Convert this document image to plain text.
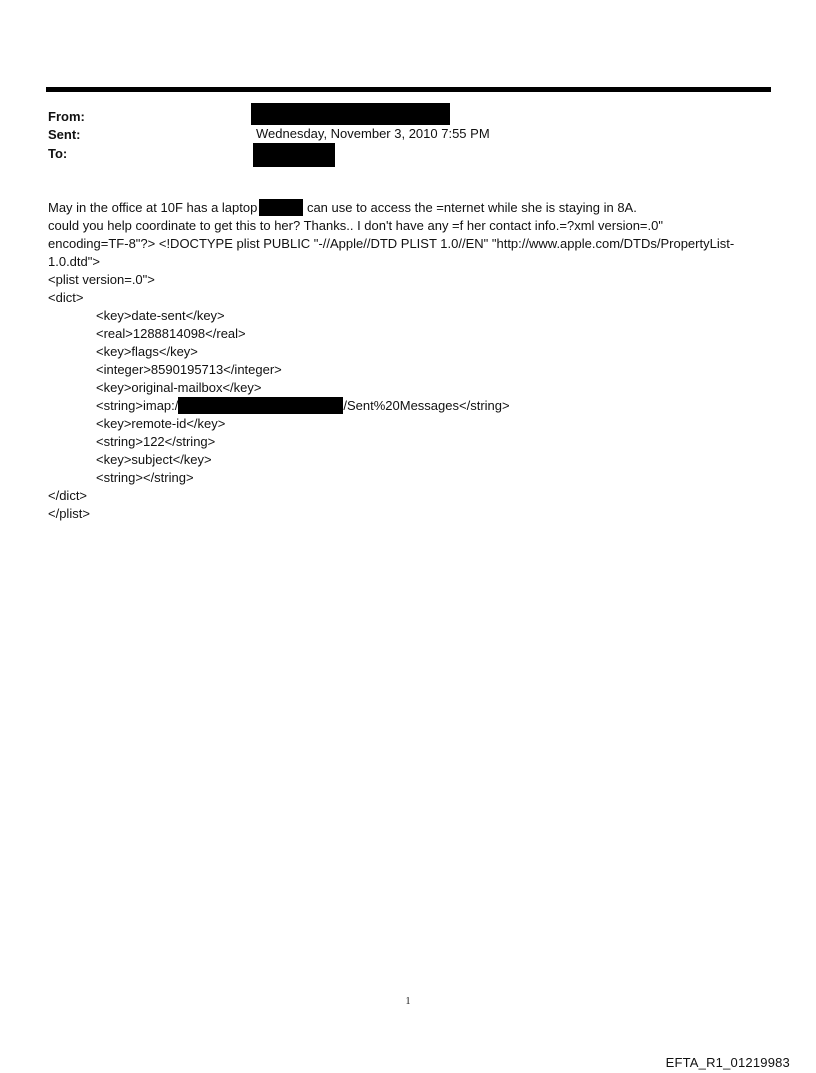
From:
Sent:	Wednesday, November 3, 2010 7:55 PM
To:
May in the office at 10F has a laptop	can use to access the =nternet while she is staying in 8A.
could you help coordinate to get this to her? Thanks.. I don't have any =f her contact info.=?xml version=.0"
encoding=TF-8"?> <!DOCTYPE plist PUBLIC "-//Apple//DTD PLIST 1.0//EN" "http://www.apple.com/DTDs/PropertyList-
1.0.dtd">
<plist version=.0">
<dict>
<key>date-sent</key>
<real>1288814098</real>
<key>flags</key>
<integer>8590195713</integer>
<key>original-mailbox</key>
<string>imap:/	/Sent%20Messages</string>
<key>remote-id</key>
<string>122</string>
<key>subject</key>
<string></string>
</dict>
</plist>
1
EFTA_R1_01219983
